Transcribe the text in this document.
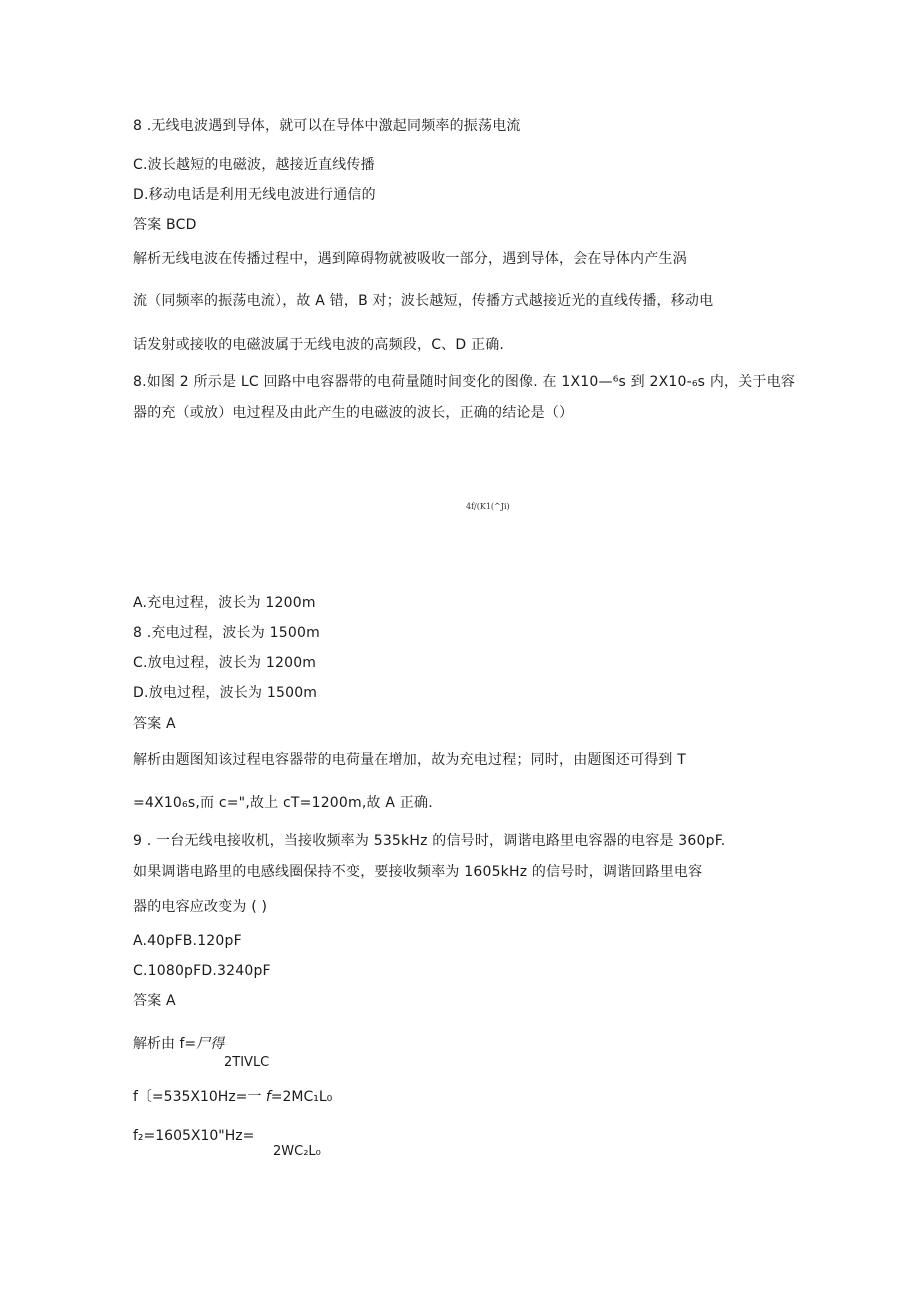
8 .无线电波遇到导体，就可以在导体中激起同频率的振荡电流
C.波长越短的电磁波，越接近直线传播
D.移动电话是利用无线电波进行通信的
答案 BCD
解析无线电波在传播过程中，遇到障碍物就被吸收一部分，遇到导体，会在导体内产生涡
流（同频率的振荡电流），故 A 错，B 对；波长越短，传播方式越接近光的直线传播，移动电
话发射或接收的电磁波属于无线电波的高频段，C、D 正确.
8.如图 2 所示是 LC 回路中电容器带的电荷量随时间变化的图像. 在 1X10—⁶s 到 2X10-₆s 内，关于电容
器的充（或放）电过程及由此产生的电磁波的波长，正确的结论是（）
4f/(K1(^Ji)
A.充电过程，波长为 1200m
8 .充电过程，波长为 1500m
C.放电过程，波长为 1200m
D.放电过程，波长为 1500m
答案 A
解析由题图知该过程电容器带的电荷量在增加，故为充电过程；同时，由题图还可得到 T
=4X10₆s,而 c=",故上 cT=1200m,故 A 正确.
9 . 一台无线电接收机，当接收频率为 535kHz 的信号时，调谐电路里电容器的电容是 360pF.
如果调谐电路里的电感线圈保持不变，要接收频率为 1605kHz 的信号时，调谐回路里电容
器的电容应改变为 ( )
A.40pFB.120pF
C.1080pFD.3240pF
答案 A
解析由 f=尸得
2TIVLC
f〔=535X10Hz=一 f=2MC₁L₀
f₂=1605X10"Hz=
2WC₂L₀
